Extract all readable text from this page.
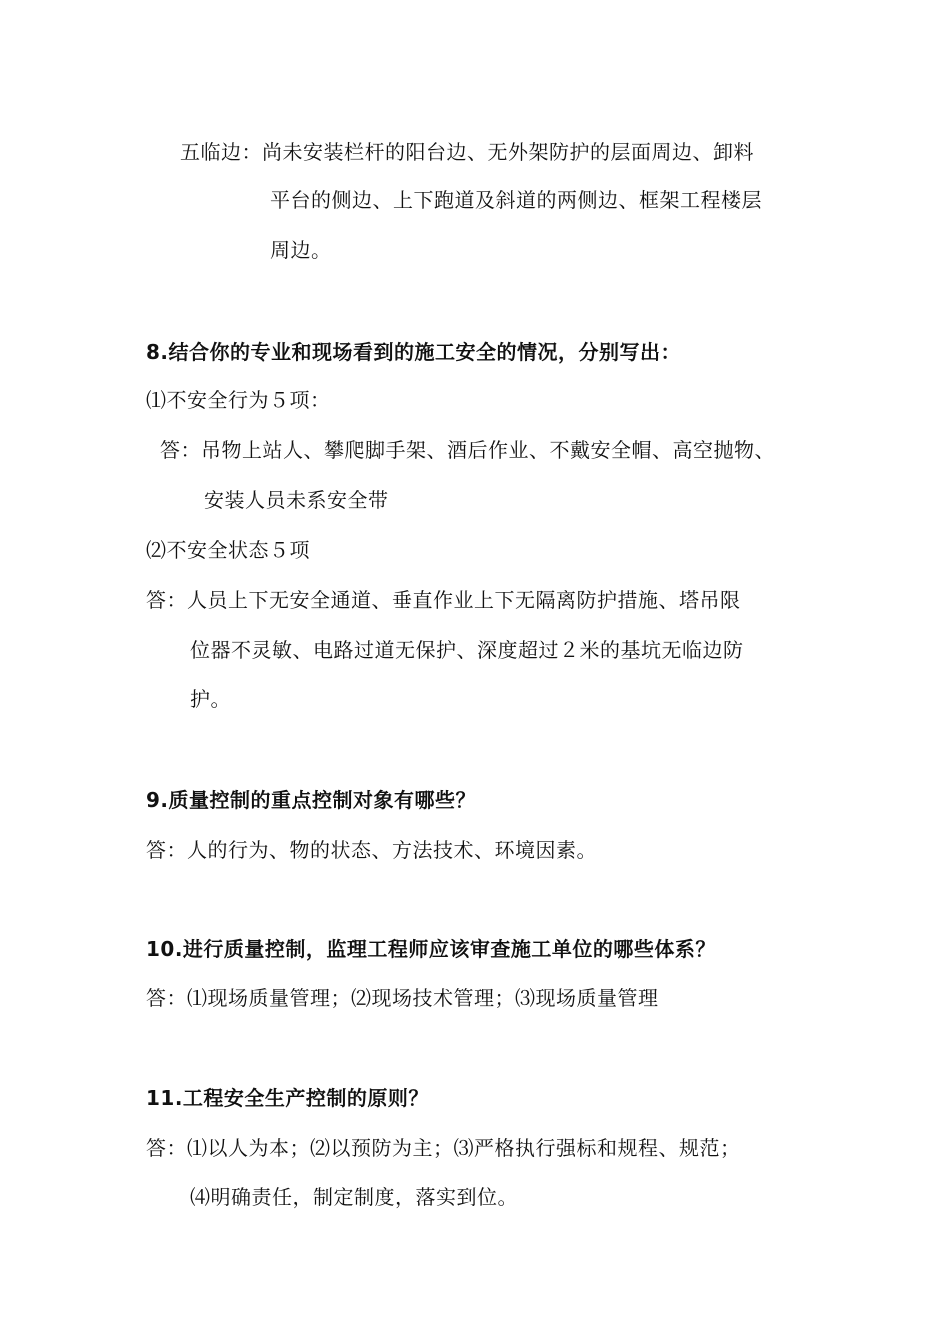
五临边：尚未安装栏杆的阳台边、无外架防护的层面周边、卸料
平台的侧边、上下跑道及斜道的两侧边、框架工程楼层
周边。
8.结合你的专业和现场看到的施工安全的情况，分别写出：
⑴不安全行为５项：
答：吊物上站人、攀爬脚手架、酒后作业、不戴安全帽、高空抛物、
安装人员未系安全带
⑵不安全状态５项
答：人员上下无安全通道、垂直作业上下无隔离防护措施、塔吊限
位器不灵敏、电路过道无保护、深度超过２米的基坑无临边防
护。
9.质量控制的重点控制对象有哪些？
答：人的行为、物的状态、方法技术、环境因素。
10.进行质量控制，监理工程师应该审查施工单位的哪些体系？
答：⑴现场质量管理；⑵现场技术管理；⑶现场质量管理
11.工程安全生产控制的原则？
答：⑴以人为本；⑵以预防为主；⑶严格执行强标和规程、规范；
⑷明确责任，制定制度，落实到位。
